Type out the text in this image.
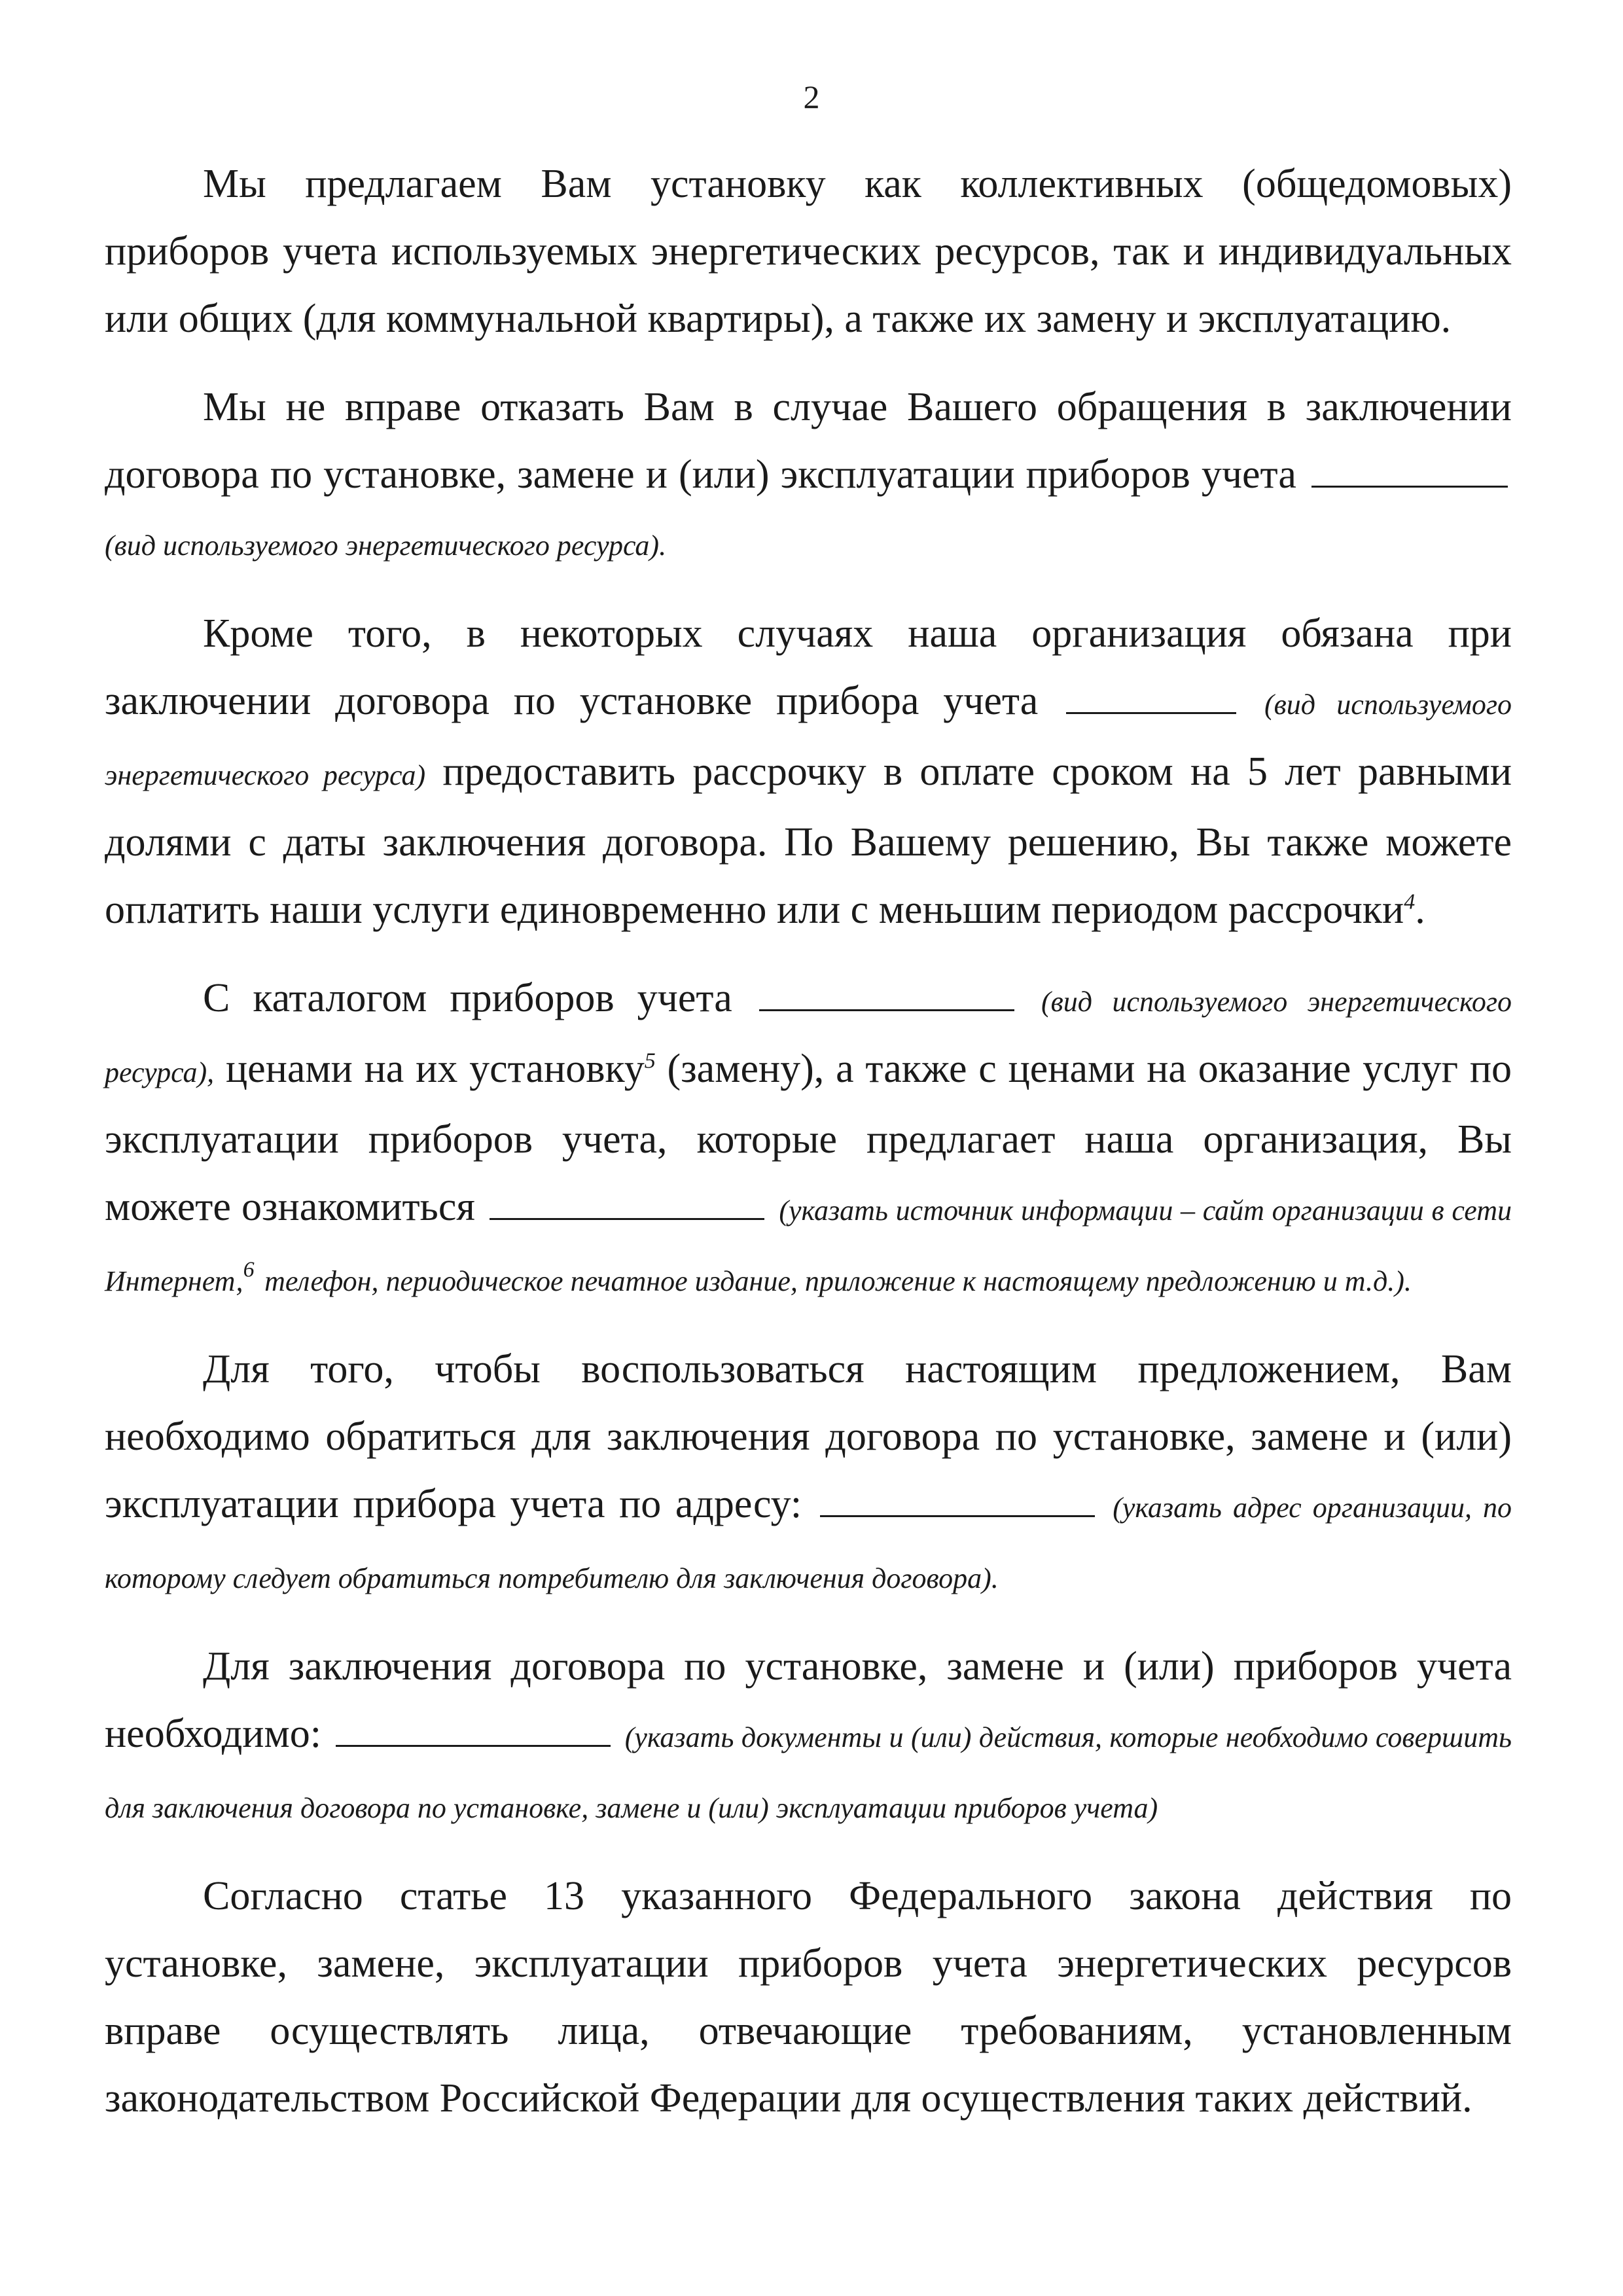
2

Мы предлагаем Вам установку как коллективных (общедомовых) приборов учета используемых энергетических ресурсов, так и индивидуальных или общих (для коммунальной квартиры), а также их замену и эксплуатацию.

Мы не вправе отказать Вам в случае Вашего обращения в заключении договора по установке, замене и (или) эксплуатации приборов учета  (вид используемого энергетического ресурса).

Кроме того, в некоторых случаях наша организация обязана при заключении договора по установке прибора учета	(вид используемого энергетического ресурса) предоставить рассрочку в оплате сроком на 5 лет равными долями с даты заключения договора. По Вашему решению, Вы также можете оплатить наши услуги единовременно или с меньшим периодом рассрочки$^4$.

С каталогом приборов учета	(вид используемого энергетического ресурса), ценами на их установку$^5$ (замену), а также с ценами на оказание услуг по эксплуатации приборов учета, которые предлагает наша организация, Вы можете ознакомиться	(указать источник информации – сайт организации в сети Интернет,$^6$ телефон, периодическое печатное издание, приложение к настоящему предложению и т.д.).

Для того, чтобы воспользоваться настоящим предложением, Вам необходимо обратиться для заключения договора по установке, замене и (или) эксплуатации прибора учета по адресу:	(указать адрес организации, по которому следует обратиться потребителю для заключения договора).

Для заключения договора по установке, замене и (или) приборов учета необходимо:	(указать документы и (или) действия, которые необходимо совершить для заключения договора по установке, замене и (или) эксплуатации приборов учета)

Согласно статье 13 указанного Федерального закона действия по установке, замене, эксплуатации приборов учета энергетических ресурсов вправе осуществлять лица, отвечающие требованиям, установленным законодательством Российской Федерации для осуществления таких действий.
